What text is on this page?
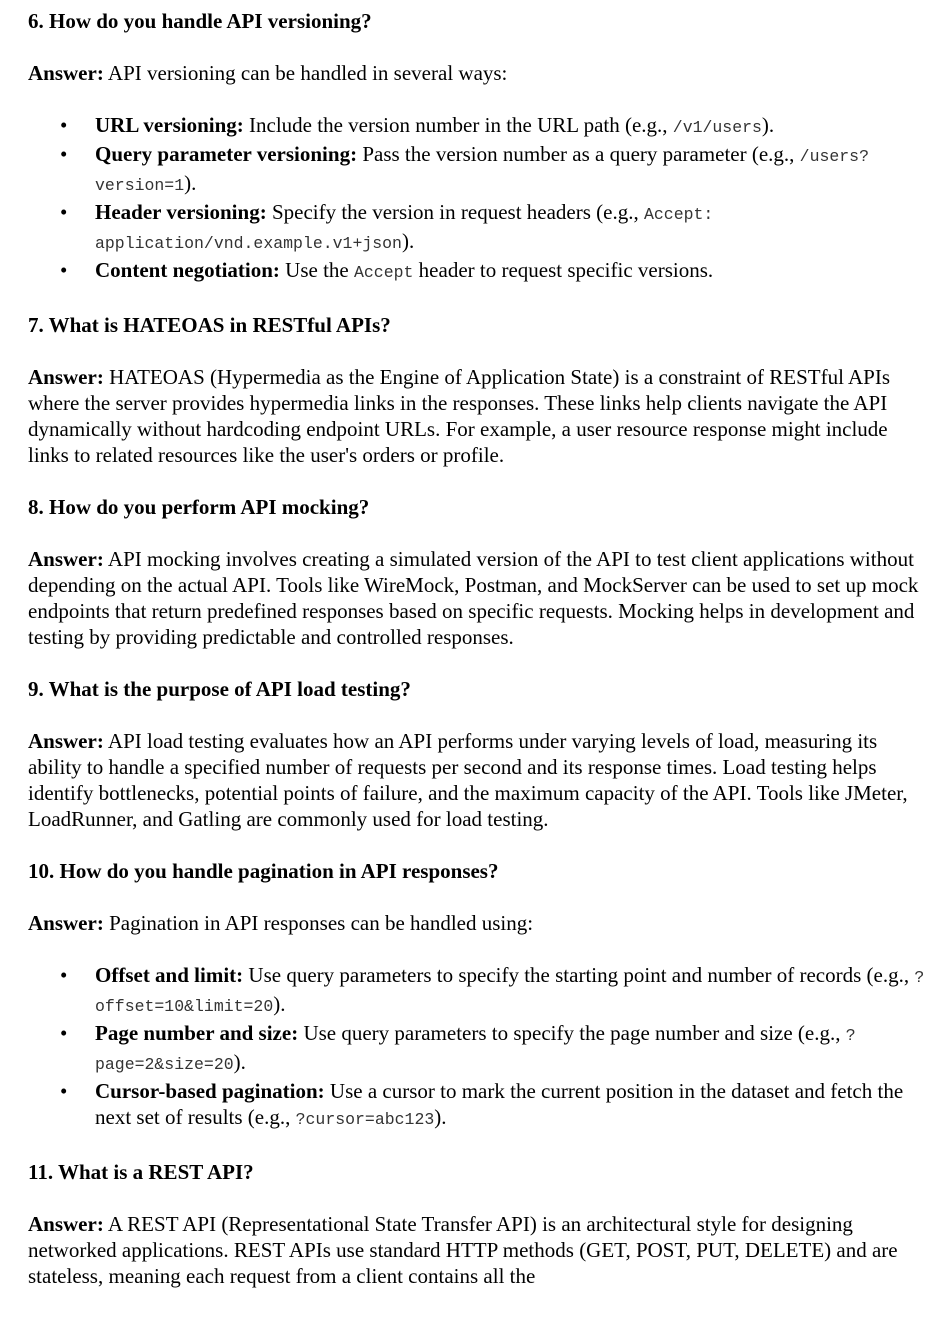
6. How do you handle API versioning?

Answer: API versioning can be handled in several ways:

• URL versioning: Include the version number in the URL path (e.g., /v1/users).
• Query parameter versioning: Pass the version number as a query parameter (e.g., /users?version=1).
• Header versioning: Specify the version in request headers (e.g., Accept: application/vnd.example.v1+json).
• Content negotiation: Use the Accept header to request specific versions.
7. What is HATEOAS in RESTful APIs?

Answer: HATEOAS (Hypermedia as the Engine of Application State) is a constraint of RESTful APIs where the server provides hypermedia links in the responses. These links help clients navigate the API dynamically without hardcoding endpoint URLs. For example, a user resource response might include links to related resources like the user's orders or profile.

8. How do you perform API mocking?

Answer: API mocking involves creating a simulated version of the API to test client applications without depending on the actual API. Tools like WireMock, Postman, and MockServer can be used to set up mock endpoints that return predefined responses based on specific requests. Mocking helps in development and testing by providing predictable and controlled responses.

9. What is the purpose of API load testing?

Answer: API load testing evaluates how an API performs under varying levels of load, measuring its ability to handle a specified number of requests per second and its response times. Load testing helps identify bottlenecks, potential points of failure, and the maximum capacity of the API. Tools like JMeter, LoadRunner, and Gatling are commonly used for load testing.

10. How do you handle pagination in API responses?

Answer: Pagination in API responses can be handled using:

• Offset and limit: Use query parameters to specify the starting point and number of records (e.g., ?offset=10&limit=20).
• Page number and size: Use query parameters to specify the page number and size (e.g., ?page=2&size=20).
• Cursor-based pagination: Use a cursor to mark the current position in the dataset and fetch the next set of results (e.g., ?cursor=abc123).
11. What is a REST API?

Answer: A REST API (Representational State Transfer API) is an architectural style for designing networked applications. REST APIs use standard HTTP methods (GET, POST, PUT, DELETE) and are stateless, meaning each request from a client contains all the
